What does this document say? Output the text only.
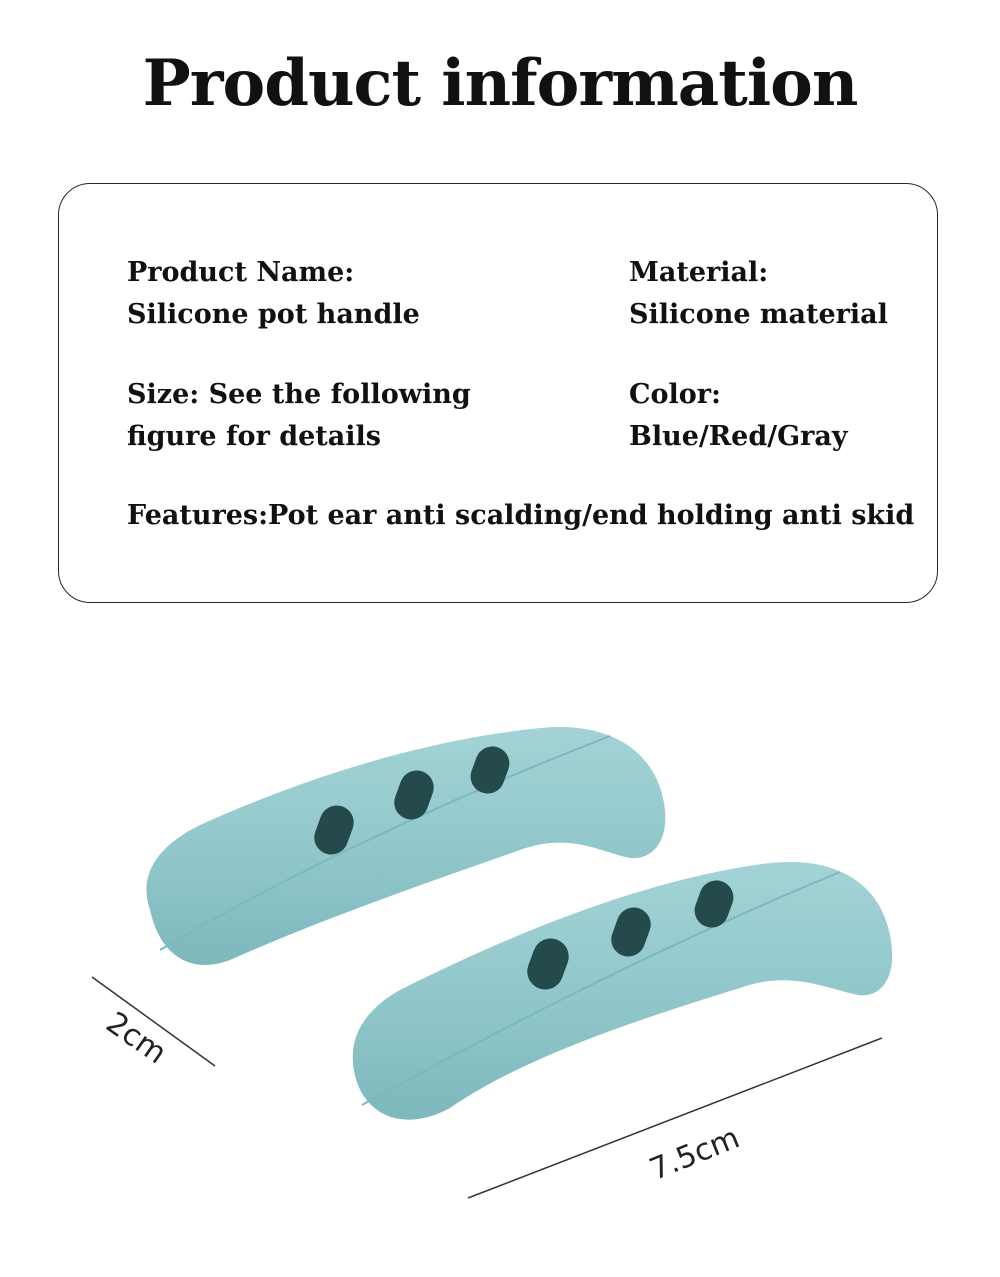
Product information
Product Name:
Silicone pot handle
Material:
Silicone material
Size: See the following
figure for details
Color:
Blue/Red/Gray
Features:Pot ear anti scalding/end holding anti skid
2cm
7.5cm
